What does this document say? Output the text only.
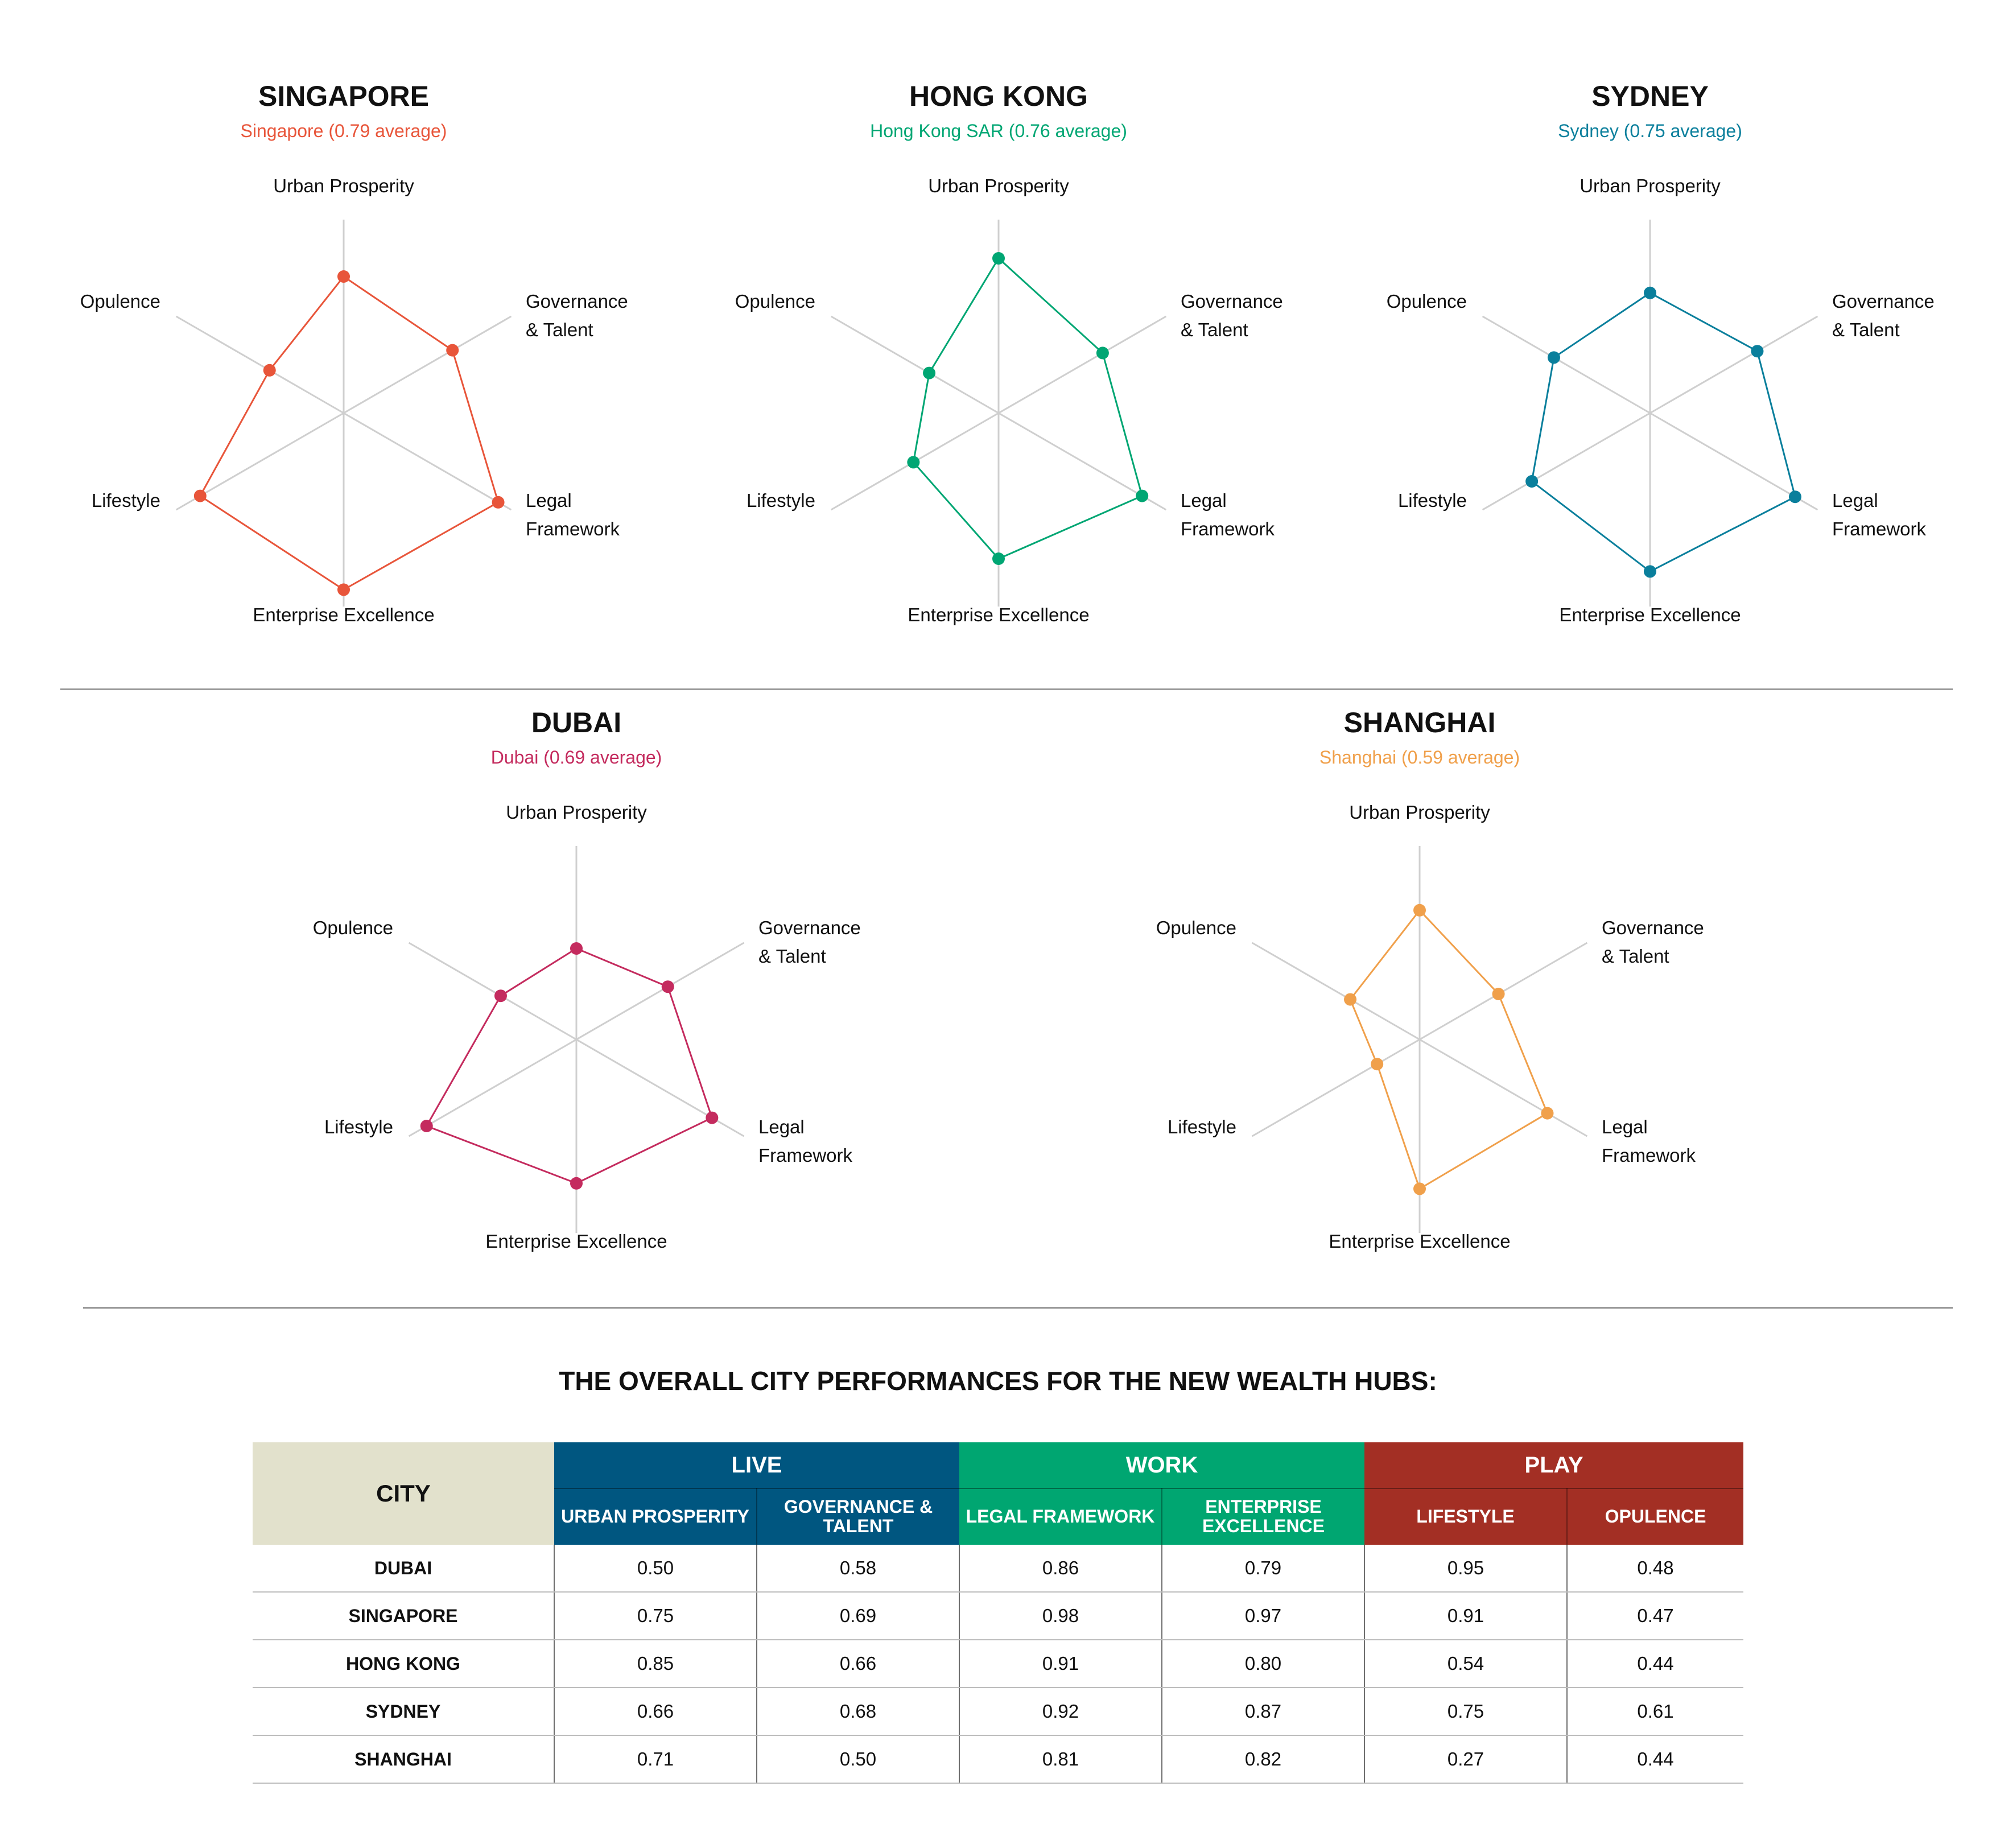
SINGAPORE
Singapore (0.79 average)
Urban Prosperity
Governance & Talent
Legal Framework
Enterprise Excellence
Lifestyle
Opulence
HONG KONG
Hong Kong SAR (0.76 average)
Urban Prosperity
Governance & Talent
Legal Framework
Enterprise Excellence
Lifestyle
Opulence
SYDNEY
Sydney (0.75 average)
Urban Prosperity
Governance & Talent
Legal Framework
Enterprise Excellence
Lifestyle
Opulence
DUBAI
Dubai (0.69 average)
Urban Prosperity
Governance & Talent
Legal Framework
Enterprise Excellence
Lifestyle
Opulence
SHANGHAI
Shanghai (0.59 average)
Urban Prosperity
Governance & Talent
Legal Framework
Enterprise Excellence
Lifestyle
Opulence
THE OVERALL CITY PERFORMANCES FOR THE NEW WEALTH HUBS:
CITY	LIVE		WORK		PLAY	
	URBAN PROSPERITY	GOVERNANCE & TALENT	LEGAL FRAMEWORK	ENTERPRISE EXCELLENCE	LIFESTYLE	OPULENCE
DUBAI	0.50	0.58	0.86	0.79	0.95	0.48
SINGAPORE	0.75	0.69	0.98	0.97	0.91	0.47
HONG KONG	0.85	0.66	0.91	0.80	0.54	0.44
SYDNEY	0.66	0.68	0.92	0.87	0.75	0.61
SHANGHAI	0.71	0.50	0.81	0.82	0.27	0.44
